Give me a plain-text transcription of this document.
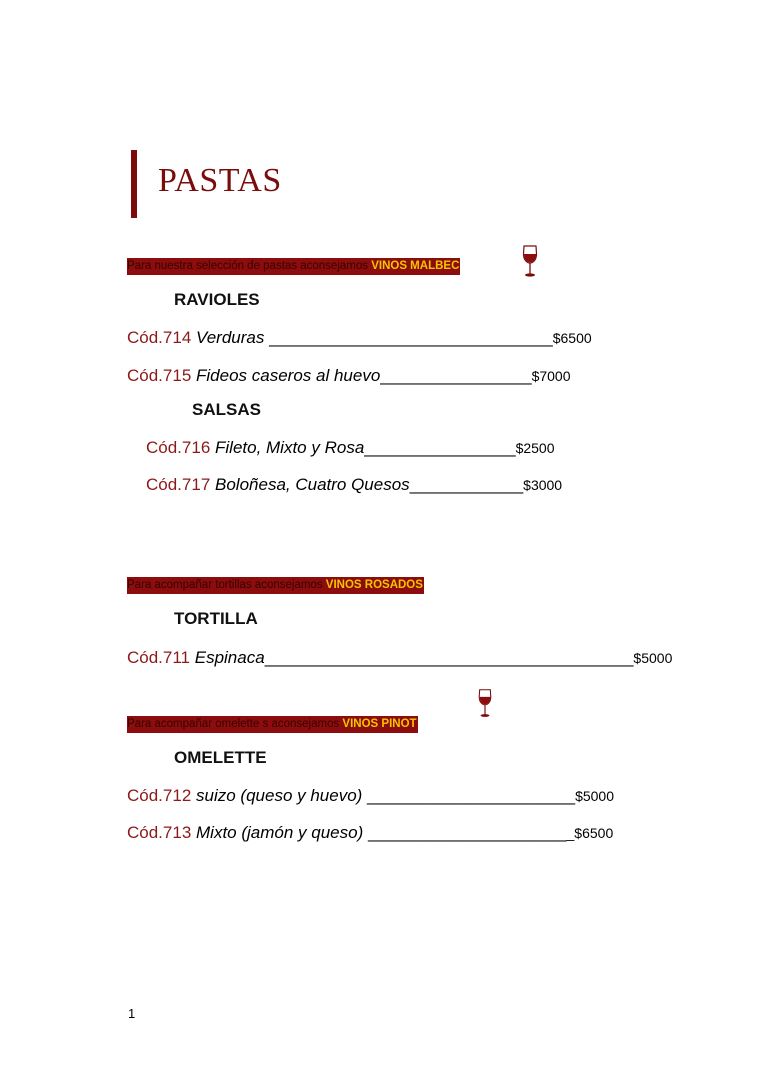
PASTAS
Para nuestra selección de pastas aconsejamos VINOS MALBEC
RAVIOLES
Cód.714 Verduras ______________________________$6500
Cód.715 Fideos caseros al huevo________________$7000
SALSAS
Cód.716 Fileto, Mixto y Rosa________________$2500
Cód.717 Boloñesa, Cuatro Quesos____________$3000
Para acompañar tortillas aconsejamos VINOS ROSADOS
TORTILLA
Cód.711 Espinaca_______________________________________$5000
Para acompañar omelette s aconsejamos VINOS PINOT
OMELETTE
Cód.712 suizo (queso y huevo) ______________________$5000
Cód.713 Mixto (jamón y queso) ______________________$6500
1
